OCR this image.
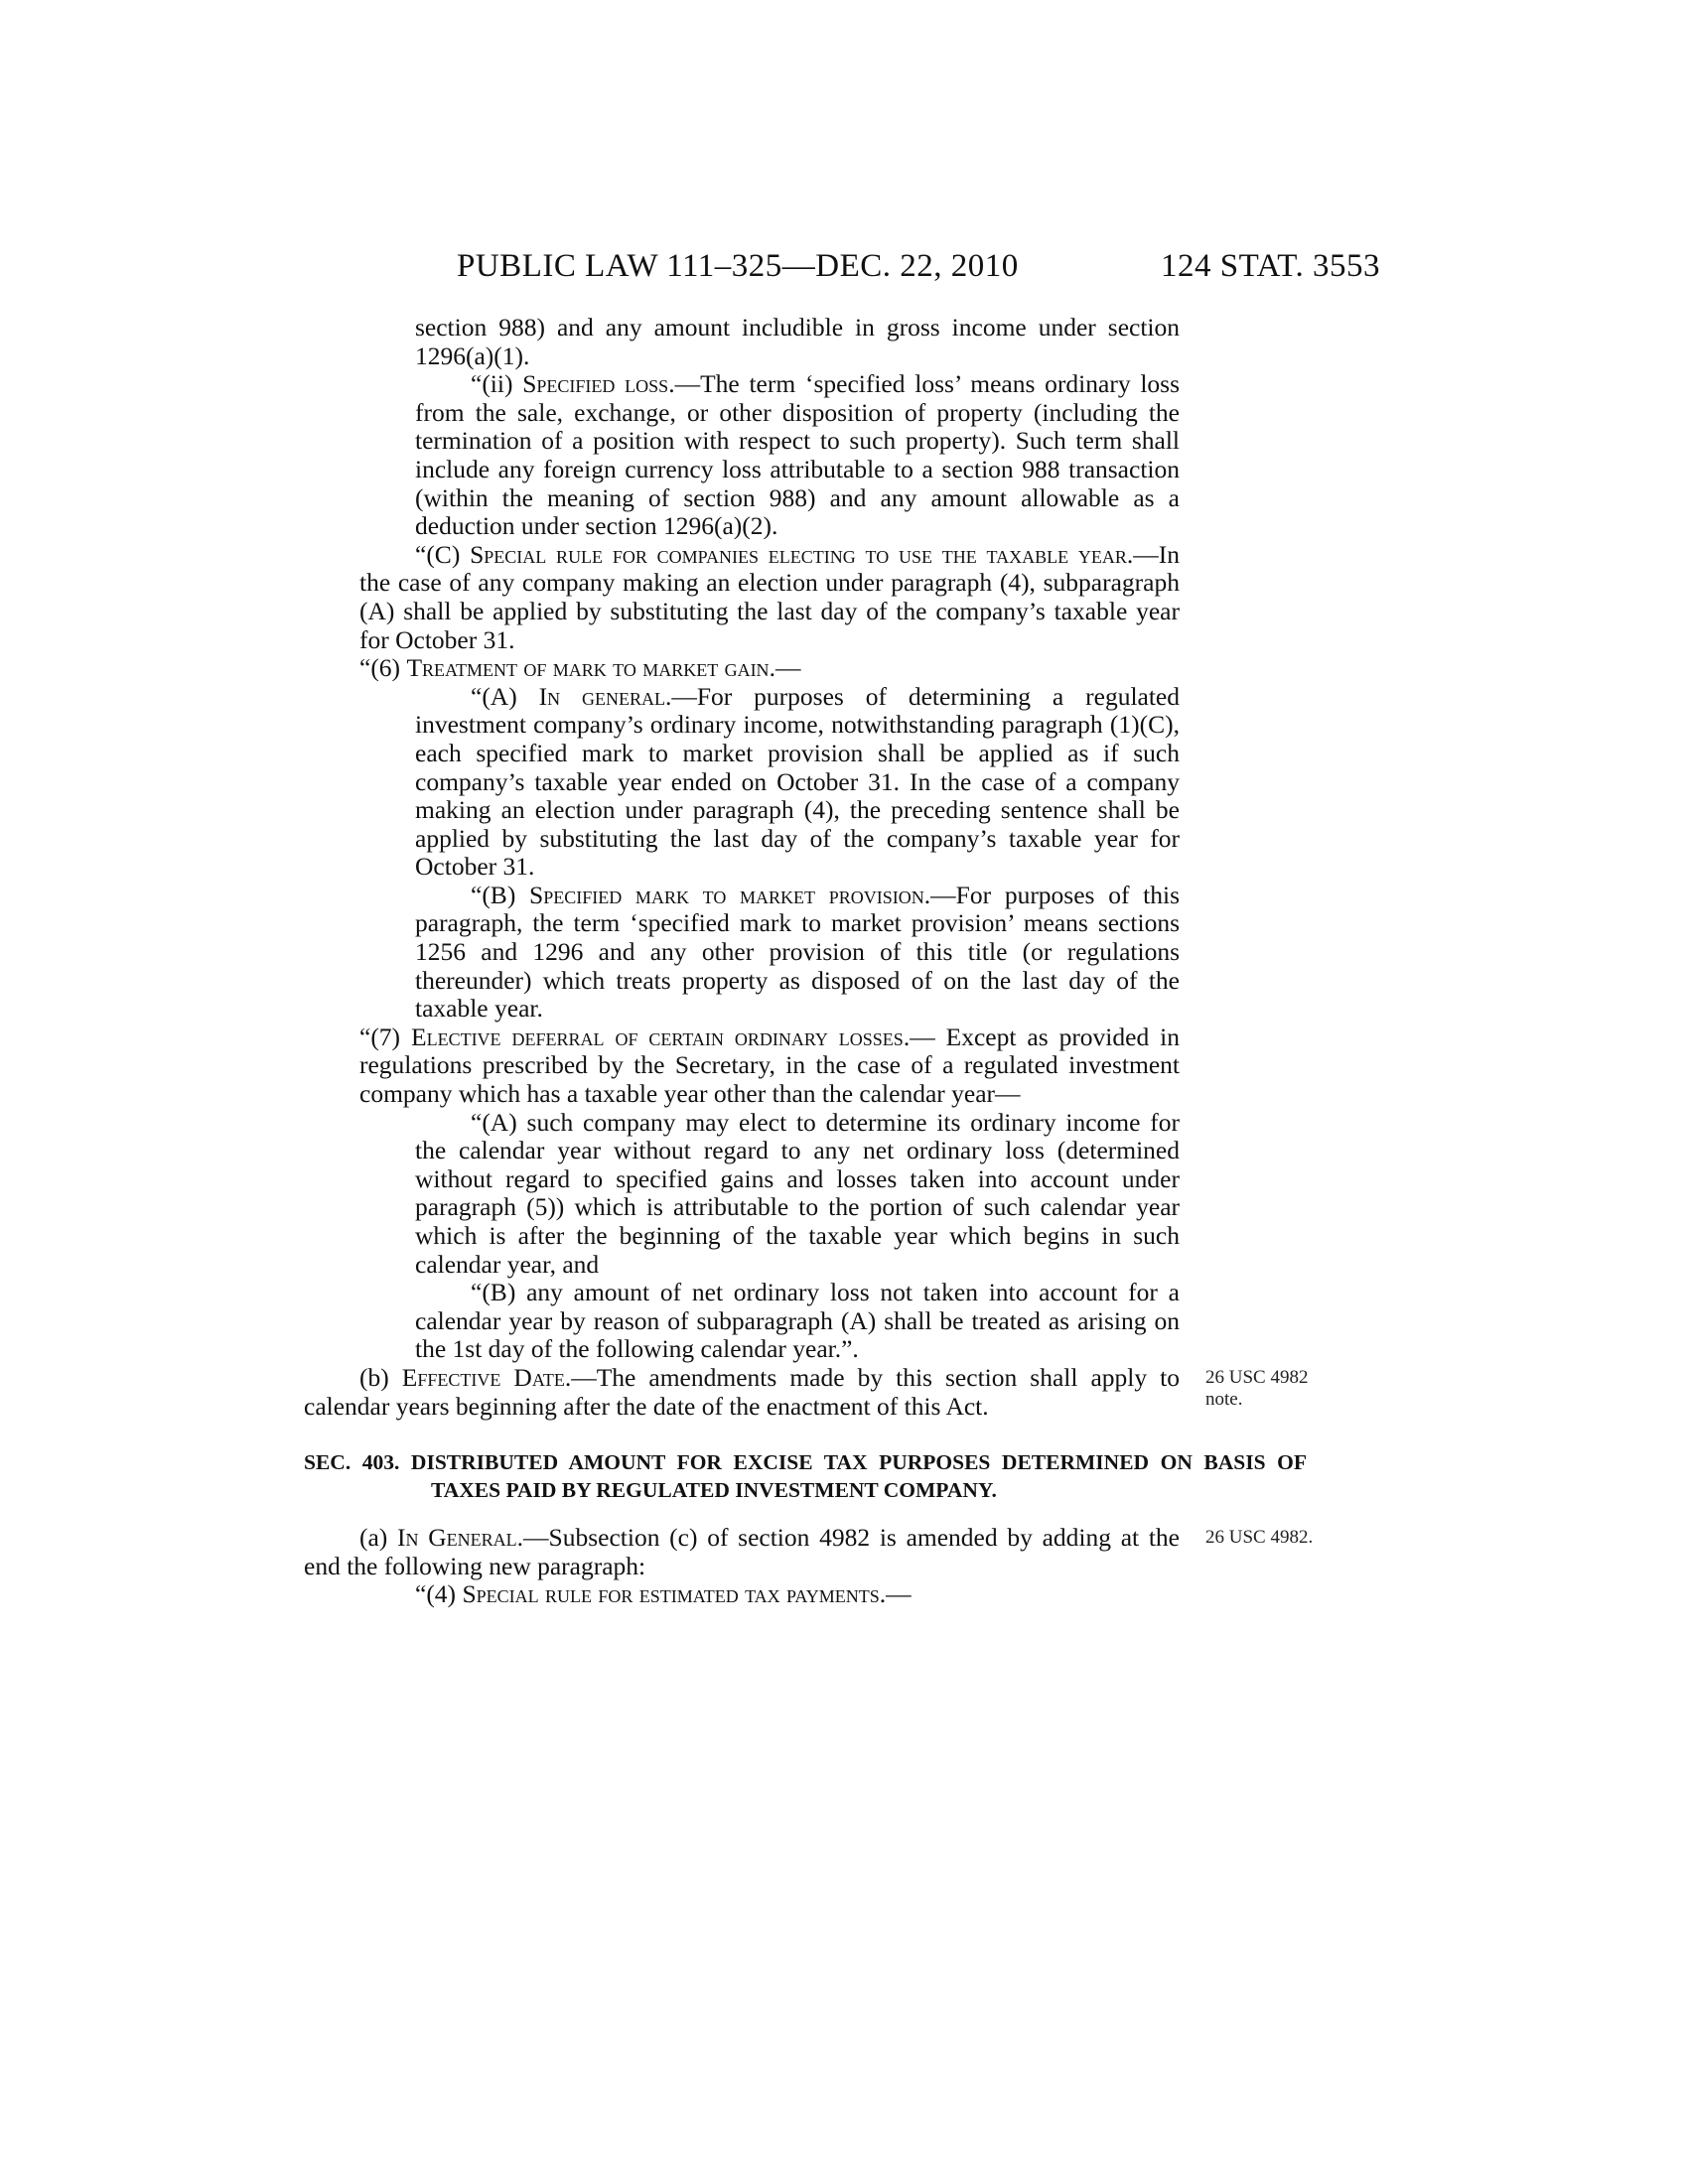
PUBLIC LAW 111–325—DEC. 22, 2010	124 STAT. 3553

section 988) and any amount includible in gross income under section 1296(a)(1).

“(ii) Specified loss.—The term ‘specified loss’ means ordinary loss from the sale, exchange, or other disposition of property (including the termination of a position with respect to such property). Such term shall include any foreign currency loss attributable to a section 988 transaction (within the meaning of section 988) and any amount allowable as a deduction under section 1296(a)(2).

“(C) Special rule for companies electing to use the taxable year.—In the case of any company making an election under paragraph (4), subparagraph (A) shall be applied by substituting the last day of the company’s taxable year for October 31.

“(6) Treatment of mark to market gain.—

“(A) In general.—For purposes of determining a regulated investment company’s ordinary income, notwithstanding paragraph (1)(C), each specified mark to market provision shall be applied as if such company’s taxable year ended on October 31. In the case of a company making an election under paragraph (4), the preceding sentence shall be applied by substituting the last day of the company’s taxable year for October 31.

“(B) Specified mark to market provision.—For purposes of this paragraph, the term ‘specified mark to market provision’ means sections 1256 and 1296 and any other provision of this title (or regulations thereunder) which treats property as disposed of on the last day of the taxable year.

“(7) Elective deferral of certain ordinary losses.— Except as provided in regulations prescribed by the Secretary, in the case of a regulated investment company which has a taxable year other than the calendar year—

“(A) such company may elect to determine its ordinary income for the calendar year without regard to any net ordinary loss (determined without regard to specified gains and losses taken into account under paragraph (5)) which is attributable to the portion of such calendar year which is after the beginning of the taxable year which begins in such calendar year, and

“(B) any amount of net ordinary loss not taken into account for a calendar year by reason of subparagraph (A) shall be treated as arising on the 1st day of the following calendar year.”.

(b) Effective Date.—The amendments made by this section shall apply to calendar years beginning after the date of the enactment of this Act.

26 USC 4982
note.

SEC. 403. DISTRIBUTED AMOUNT FOR EXCISE TAX PURPOSES DETERMINED ON BASIS OF TAXES PAID BY REGULATED INVESTMENT COMPANY.

(a) In General.—Subsection (c) of section 4982 is amended by adding at the end the following new paragraph:

26 USC 4982.

“(4) Special rule for estimated tax payments.—
